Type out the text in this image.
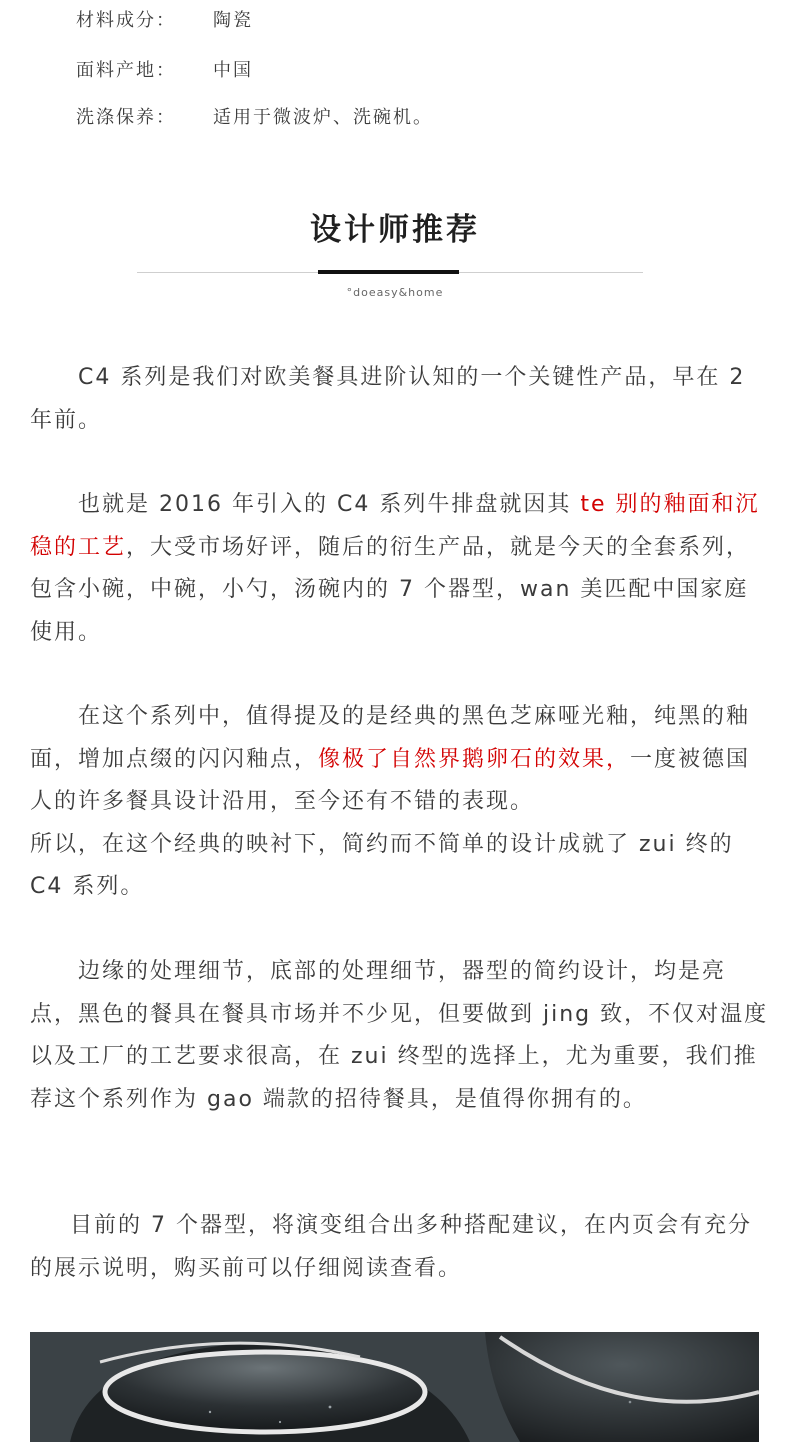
材料成分： 陶瓷
面料产地： 中国
洗涤保养： 适用于微波炉、洗碗机。
设计师推荐
°doeasy&home

C4 系列是我们对欧美餐具进阶认知的一个关键性产品，早在 2 年前。

也就是 2016 年引入的 C4 系列牛排盘就因其 te 别的釉面和沉稳的工艺，大受市场好评，随后的衍生产品，就是今天的全套系列，包含小碗，中碗，小勺，汤碗内的 7 个器型，wan 美匹配中国家庭使用。

在这个系列中，值得提及的是经典的黑色芝麻哑光釉，纯黑的釉面，增加点缀的闪闪釉点，像极了自然界鹅卵石的效果，一度被德国人的许多餐具设计沿用，至今还有不错的表现。
所以，在这个经典的映衬下，简约而不简单的设计成就了 zui 终的 C4 系列。

边缘的处理细节，底部的处理细节，器型的简约设计，均是亮点，黑色的餐具在餐具市场并不少见，但要做到 jing 致，不仅对温度以及工厂的工艺要求很高，在 zui 终型的选择上，尤为重要，我们推荐这个系列作为 gao 端款的招待餐具，是值得你拥有的。

目前的 7 个器型，将演变组合出多种搭配建议，在内页会有充分的展示说明，购买前可以仔细阅读查看。
